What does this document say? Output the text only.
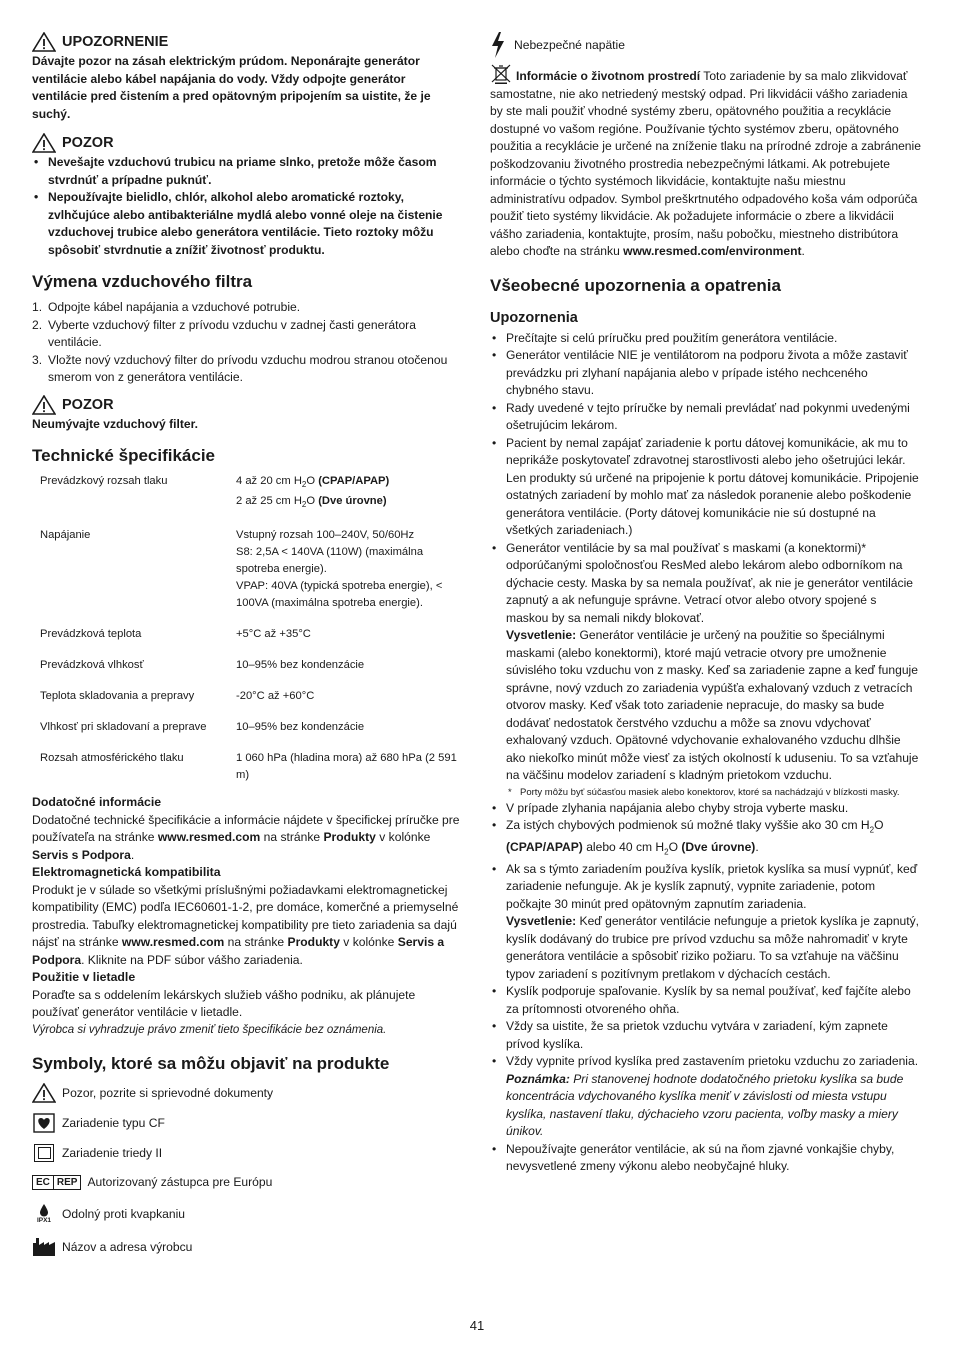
UPOZORNENIE

Dávajte pozor na zásah elektrickým prúdom. Neponárajte generátor ventilácie alebo kábel napájania do vody. Vždy odpojte generátor ventilácie pred čistením a pred opätovným pripojením sa uistite, že je suchý.

POZOR
• Nevešajte vzduchovú trubicu na priame slnko, pretože môže časom stvrdnúť a prípadne puknúť.
• Nepoužívajte bielidlo, chlór, alkohol alebo aromatické roztoky, zvlhčujúce alebo antibakteriálne mydlá alebo vonné oleje na čistenie vzduchovej trubice alebo generátora ventilácie. Tieto roztoky môžu spôsobiť stvrdnutie a znížiť životnosť produktu.
Výmena vzduchového filtra
1. Odpojte kábel napájania a vzduchové potrubie.
2. Vyberte vzduchový filter z prívodu vzduchu v zadnej časti generátora ventilácie.
3. Vložte nový vzduchový filter do prívodu vzduchu modrou stranou otočenou smerom von z generátora ventilácie.
POZOR

Neumývajte vzduchový filter.

Technické špecifikácie
Prevádzkový rozsah tlaku	4 až 20 cm $H_2O$ (CPAP/APAP)
2 až 25 cm $H_2O$ (Dve úrovne)
Napájanie	Vstupný rozsah 100–240V, 50/60Hz
S8: 2,5A < 140VA (110W) (maximálna spotreba energie).
VPAP: 40VA (typická spotreba energie), < 100VA (maximálna spotreba energie).
Prevádzková teplota	+5°C až +35°C
Prevádzková vlhkosť	10–95% bez kondenzácie
Teplota skladovania a prepravy	-20°C až +60°C
Vlhkosť pri skladovaní a preprave	10–95% bez kondenzácie
Rozsah atmosférického tlaku	1 060 hPa (hladina mora) až 680 hPa (2 591 m)
Dodatočné informácie

Dodatočné technické špecifikácie a informácie nájdete v špecifickej príručke pre používateľa na stránke www.resmed.com na stránke Produkty v kolónke Servis s Podpora.

Elektromagnetická kompatibilita

Produkt je v súlade so všetkými príslušnými požiadavkami elektromagnetickej kompatibility (EMC) podľa IEC60601-1-2, pre domáce, komerčné a priemyselné prostredia. Tabuľky elektromagnetickej kompatibility pre tieto zariadenia sa dajú nájsť na stránke www.resmed.com na stránke Produkty v kolónke Servis a Podpora. Kliknite na PDF súbor vášho zariadenia.

Použitie v lietadle

Poraďte sa s oddelením lekárskych služieb vášho podniku, ak plánujete používať generátor ventilácie v lietadle.

Výrobca si vyhradzuje právo zmeniť tieto špecifikácie bez oznámenia.

Symboly, ktoré sa môžu objaviť na produkte
Pozor, pozrite si sprievodné dokumenty
Zariadenie typu CF
Zariadenie triedy II
EC REP Autorizovaný zástupca pre Európu
IPX1 Odolný proti kvapkaniu
Názov a adresa výrobcu
Nebezpečné napätie

Informácie o životnom prostredí Toto zariadenie by sa malo zlikvidovať samostatne, nie ako netriedený mestský odpad. Pri likvidácii vášho zariadenia by ste mali použiť vhodné systémy zberu, opätovného použitia a recyklácie dostupné vo vašom regióne. Používanie týchto systémov zberu, opätovného použitia a recyklácie je určené na zníženie tlaku na prírodné zdroje a zabránenie poškodzovaniu životného prostredia nebezpečnými látkami. Ak potrebujete informácie o týchto systémoch likvidácie, kontaktujte našu miestnu administratívu odpadov. Symbol preškrtnutého odpadového koša vám odporúča použiť tieto systémy likvidácie. Ak požadujete informácie o zbere a likvidácii vášho zariadenia, kontaktujte, prosím, našu pobočku, miestneho distribútora alebo choďte na stránku www.resmed.com/environment.

Všeobecné upozornenia a opatrenia
Upozornenia
• Prečítajte si celú príručku pred použitím generátora ventilácie.
• Generátor ventilácie NIE je ventilátorom na podporu života a môže zastaviť prevádzku pri zlyhaní napájania alebo v prípade istého nechceného chybného stavu.
• Rady uvedené v tejto príručke by nemali prevládať nad pokynmi uvedenými ošetrujúcim lekárom.
• Pacient by nemal zapájať zariadenie k portu dátovej komunikácie, ak mu to neprikáže poskytovateľ zdravotnej starostlivosti alebo jeho ošetrujúci lekár. Len produkty sú určené na pripojenie k portu dátovej komunikácie. Pripojenie ostatných zariadení by mohlo mať za následok poranenie alebo poškodenie generátora ventilácie. (Porty dátovej komunikácie nie sú dostupné na všetkých zariadeniach.)
• Generátor ventilácie by sa mal používať s maskami (a konektormi)* odporúčanými spoločnosťou ResMed alebo lekárom alebo odborníkom na dýchacie cesty. Maska by sa nemala používať, ak nie je generátor ventilácie zapnutý a ak nefunguje správne. Vetrací otvor alebo otvory spojené s maskou by sa nemali nikdy blokovať.

Vysvetlenie: Generátor ventilácie je určený na použitie so špeciálnymi maskami (alebo konektormi), ktoré majú vetracie otvory pre umožnenie súvislého toku vzduchu von z masky. Keď sa zariadenie zapne a keď funguje správne, nový vzduch zo zariadenia vypúšťa exhalovaný vzduch z vetracích otvorov masky. Keď však toto zariadenie nepracuje, do masky sa bude dodávať nedostatok čerstvého vzduchu a môže sa znovu vdychovať exhalovaný vzduch. Opätovné vdychovanie exhalovaného vzduchu dlhšie ako niekoľko minút môže viesť za istých okolností k uduseniu. To sa vzťahuje na väčšinu modelov zariadení s kladným prietokom vzduchu.

* Porty môžu byť súčasťou masiek alebo konektorov, ktoré sa nachádzajú v blízkosti masky.

• V prípade zlyhania napájania alebo chyby stroja vyberte masku.
• Za istých chybových podmienok sú možné tlaky vyššie ako 30 cm $H_2O$ (CPAP/APAP) alebo 40 cm $H_2O$ (Dve úrovne).
• Ak sa s týmto zariadením používa kyslík, prietok kyslíka sa musí vypnúť, keď zariadenie nefunguje. Ak je kyslík zapnutý, vypnite zariadenie, potom počkajte 30 minút pred opätovným zapnutím zariadenia.

Vysvetlenie: Keď generátor ventilácie nefunguje a prietok kyslíka je zapnutý, kyslík dodávaný do trubice pre prívod vzduchu sa môže nahromadiť v kryte generátora ventilácie a spôsobiť riziko požiaru. To sa vzťahuje na väčšinu typov zariadení s pozitívnym pretlakom v dýchacích cestách.

• Kyslík podporuje spaľovanie. Kyslík by sa nemal používať, keď fajčíte alebo za prítomnosti otvoreného ohňa.
• Vždy sa uistite, že sa prietok vzduchu vytvára v zariadení, kým zapnete prívod kyslíka.
• Vždy vypnite prívod kyslíka pred zastavením prietoku vzduchu zo zariadenia.

Poznámka: Pri stanovenej hodnote dodatočného prietoku kyslíka sa bude koncentrácia vdychovaného kyslíka meniť v závislosti od miesta vstupu kyslíka, nastavení tlaku, dýchacieho vzoru pacienta, voľby masky a miery únikov.

• Nepoužívajte generátor ventilácie, ak sú na ňom zjavné vonkajšie chyby, nevysvetlené zmeny výkonu alebo neobyčajné hluky.
41
